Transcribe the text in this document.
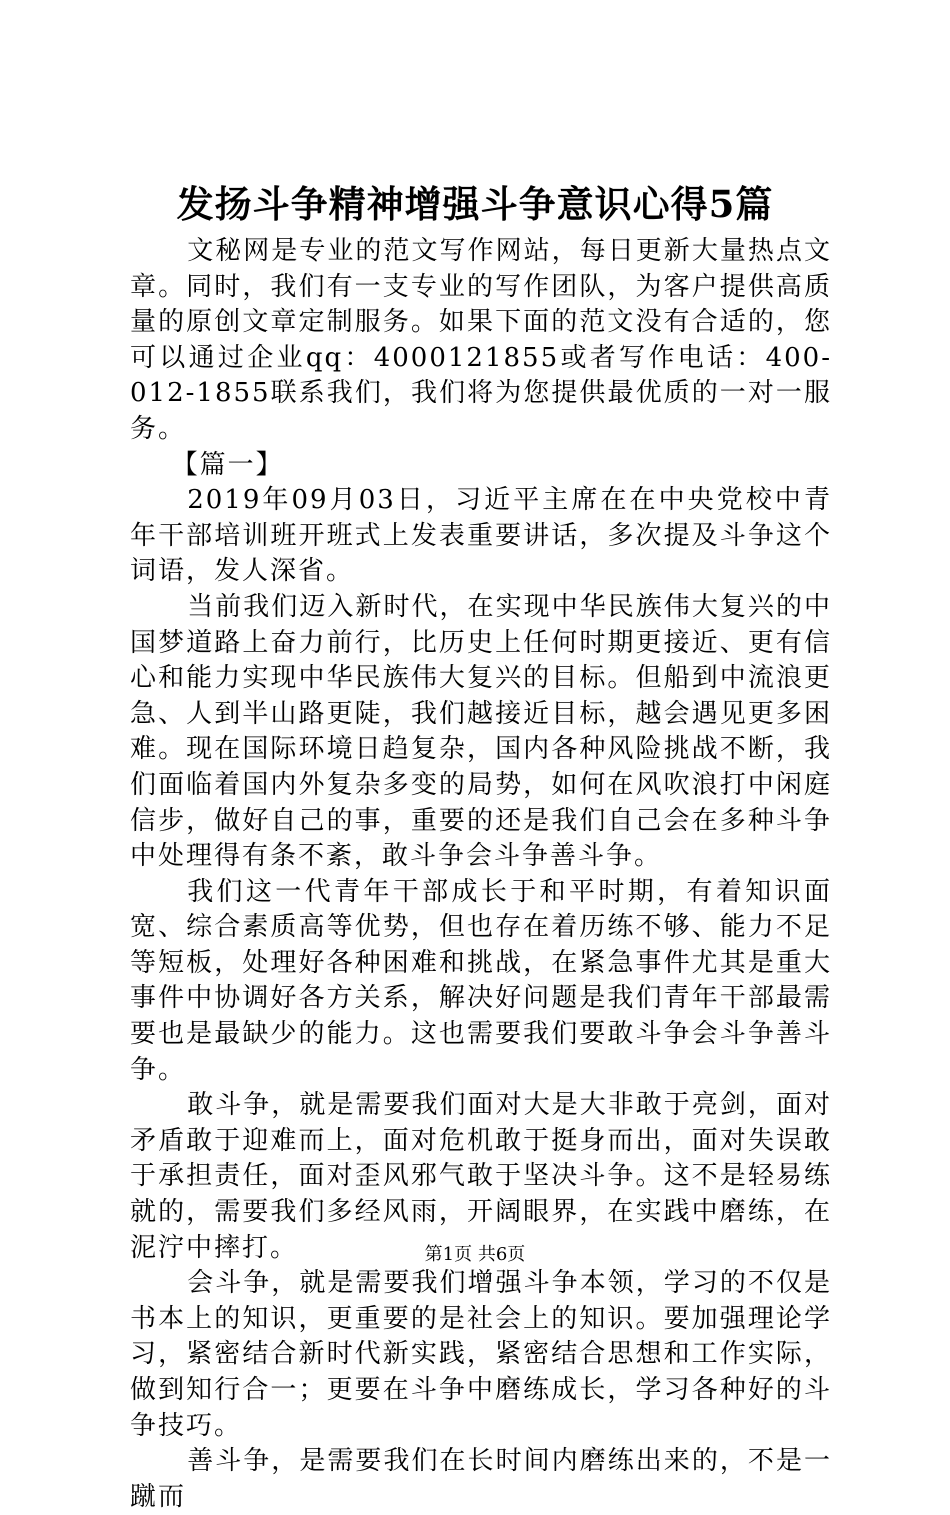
发扬斗争精神增强斗争意识心得5篇

文秘网是专业的范文写作网站，每日更新大量热点文章。同时，我们有一支专业的写作团队，为客户提供高质量的原创文章定制服务。如果下面的范文没有合适的，您可以通过企业qq：4000121855或者写作电话：400-012-1855联系我们，我们将为您提供最优质的一对一服务。

【篇一】

2019年09月03日，习近平主席在在中央党校中青年干部培训班开班式上发表重要讲话，多次提及斗争这个词语，发人深省。

当前我们迈入新时代，在实现中华民族伟大复兴的中国梦道路上奋力前行，比历史上任何时期更接近、更有信心和能力实现中华民族伟大复兴的目标。但船到中流浪更急、人到半山路更陡，我们越接近目标，越会遇见更多困难。现在国际环境日趋复杂，国内各种风险挑战不断，我们面临着国内外复杂多变的局势，如何在风吹浪打中闲庭信步，做好自己的事，重要的还是我们自己会在多种斗争中处理得有条不紊，敢斗争会斗争善斗争。

我们这一代青年干部成长于和平时期，有着知识面宽、综合素质高等优势，但也存在着历练不够、能力不足等短板，处理好各种困难和挑战，在紧急事件尤其是重大事件中协调好各方关系，解决好问题是我们青年干部最需要也是最缺少的能力。这也需要我们要敢斗争会斗争善斗争。

敢斗争，就是需要我们面对大是大非敢于亮剑，面对矛盾敢于迎难而上，面对危机敢于挺身而出，面对失误敢于承担责任，面对歪风邪气敢于坚决斗争。这不是轻易练就的，需要我们多经风雨，开阔眼界，在实践中磨练，在泥泞中摔打。

会斗争，就是需要我们增强斗争本领，学习的不仅是书本上的知识，更重要的是社会上的知识。要加强理论学习，紧密结合新时代新实践，紧密结合思想和工作实际，做到知行合一；更要在斗争中磨练成长，学习各种好的斗争技巧。

善斗争，是需要我们在长时间内磨练出来的，不是一蹴而

第1页 共6页
